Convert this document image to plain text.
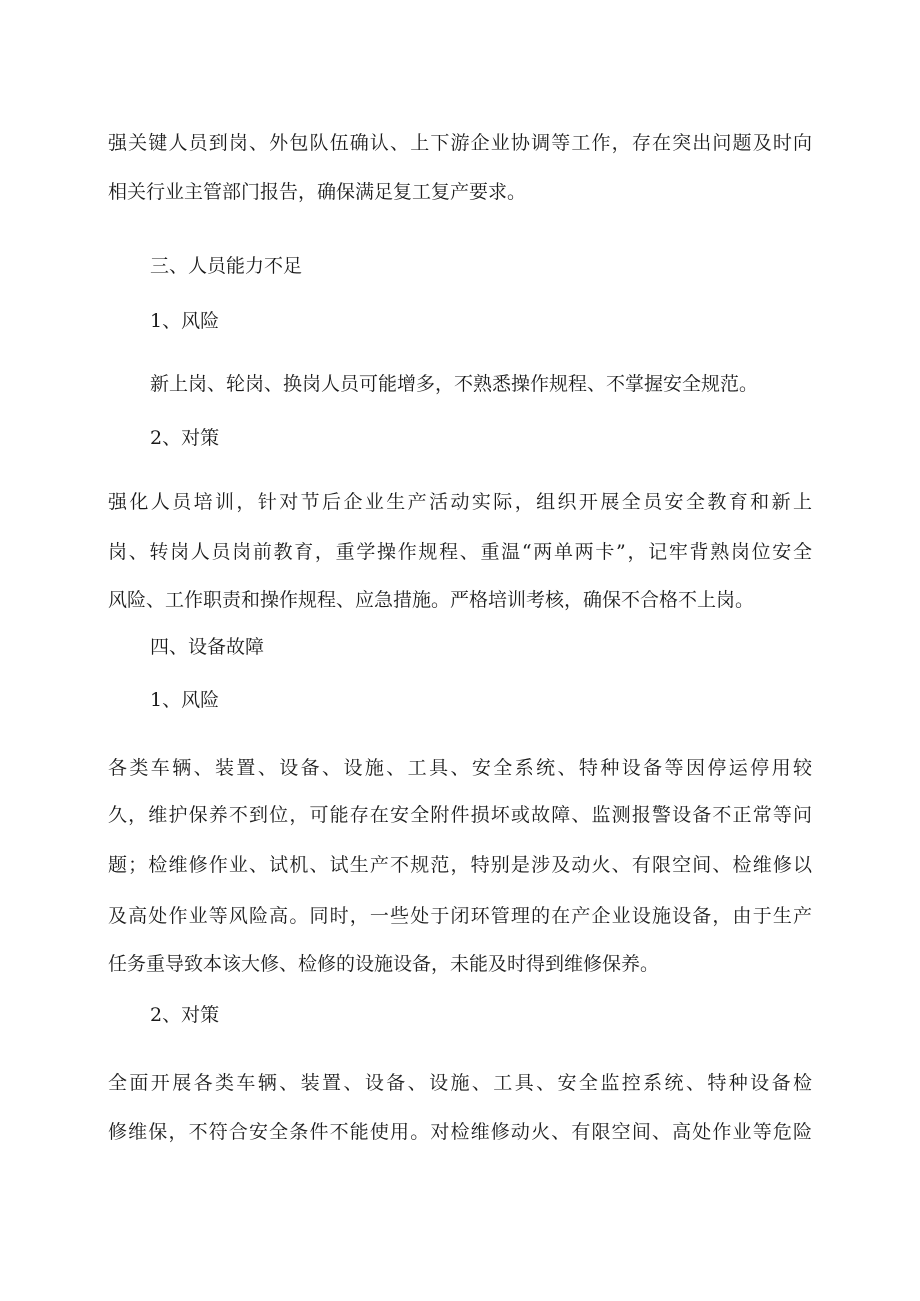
强关键人员到岗、外包队伍确认、上下游企业协调等工作，存在突出问题及时向

相关行业主管部门报告，确保满足复工复产要求。

三、人员能力不足

1、风险

新上岗、轮岗、换岗人员可能增多，不熟悉操作规程、不掌握安全规范。

2、对策

强化人员培训，针对节后企业生产活动实际，组织开展全员安全教育和新上

岗、转岗人员岗前教育，重学操作规程、重温“两单两卡”，记牢背熟岗位安全

风险、工作职责和操作规程、应急措施。严格培训考核，确保不合格不上岗。

四、设备故障

1、风险

各类车辆、装置、设备、设施、工具、安全系统、特种设备等因停运停用较

久，维护保养不到位，可能存在安全附件损坏或故障、监测报警设备不正常等问

题；检维修作业、试机、试生产不规范，特别是涉及动火、有限空间、检维修以

及高处作业等风险高。同时，一些处于闭环管理的在产企业设施设备，由于生产

任务重导致本该大修、检修的设施设备，未能及时得到维修保养。

2、对策

全面开展各类车辆、装置、设备、设施、工具、安全监控系统、特种设备检

修维保，不符合安全条件不能使用。对检维修动火、有限空间、高处作业等危险
